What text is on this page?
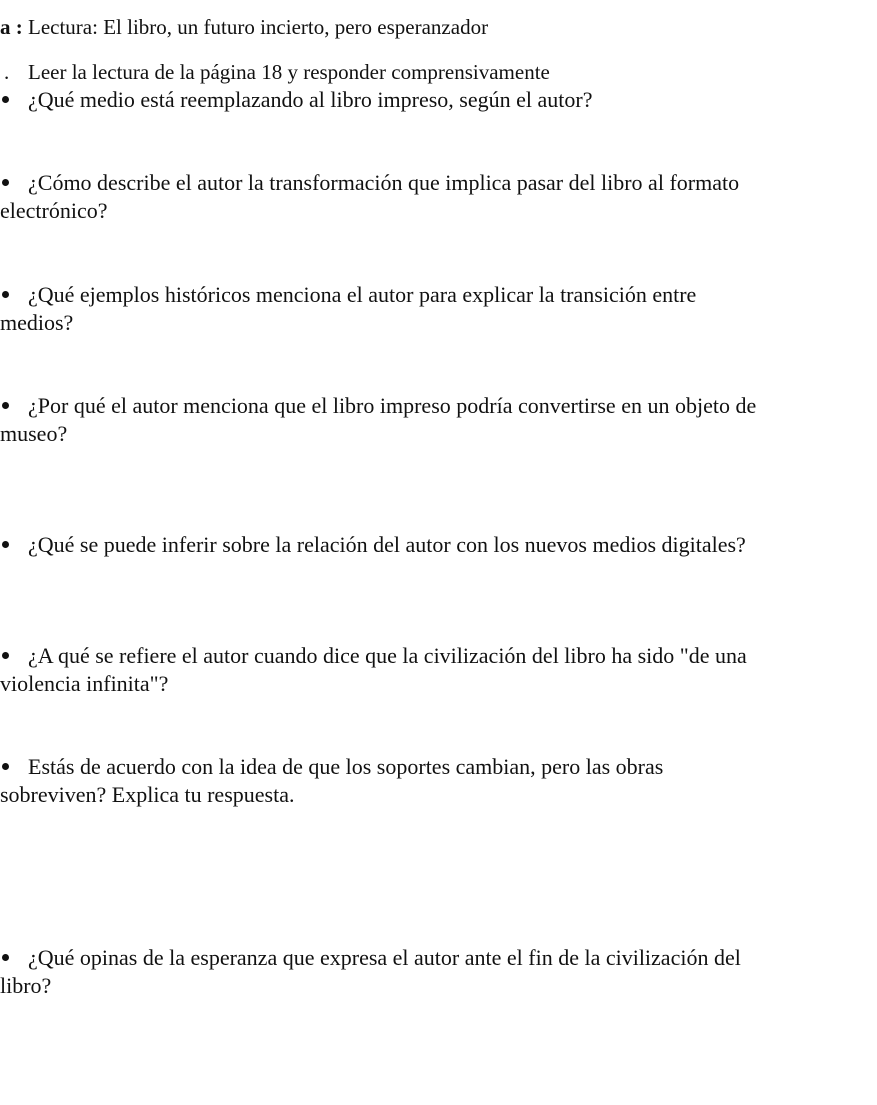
a : Lectura: El libro, un futuro incierto, pero esperanzador
. Leer la lectura de la página 18 y responder comprensivamente
¿Qué medio está reemplazando al libro impreso, según el autor?
¿Cómo describe el autor la transformación que implica pasar del libro al formato
electrónico?
¿Qué ejemplos históricos menciona el autor para explicar la transición entre
medios?
¿Por qué el autor menciona que el libro impreso podría convertirse en un objeto de
museo?
¿Qué se puede inferir sobre la relación del autor con los nuevos medios digitales?
¿A qué se refiere el autor cuando dice que la civilización del libro ha sido "de una
violencia infinita"?
Estás de acuerdo con la idea de que los soportes cambian, pero las obras
sobreviven? Explica tu respuesta.
¿Qué opinas de la esperanza que expresa el autor ante el fin de la civilización del
libro?
